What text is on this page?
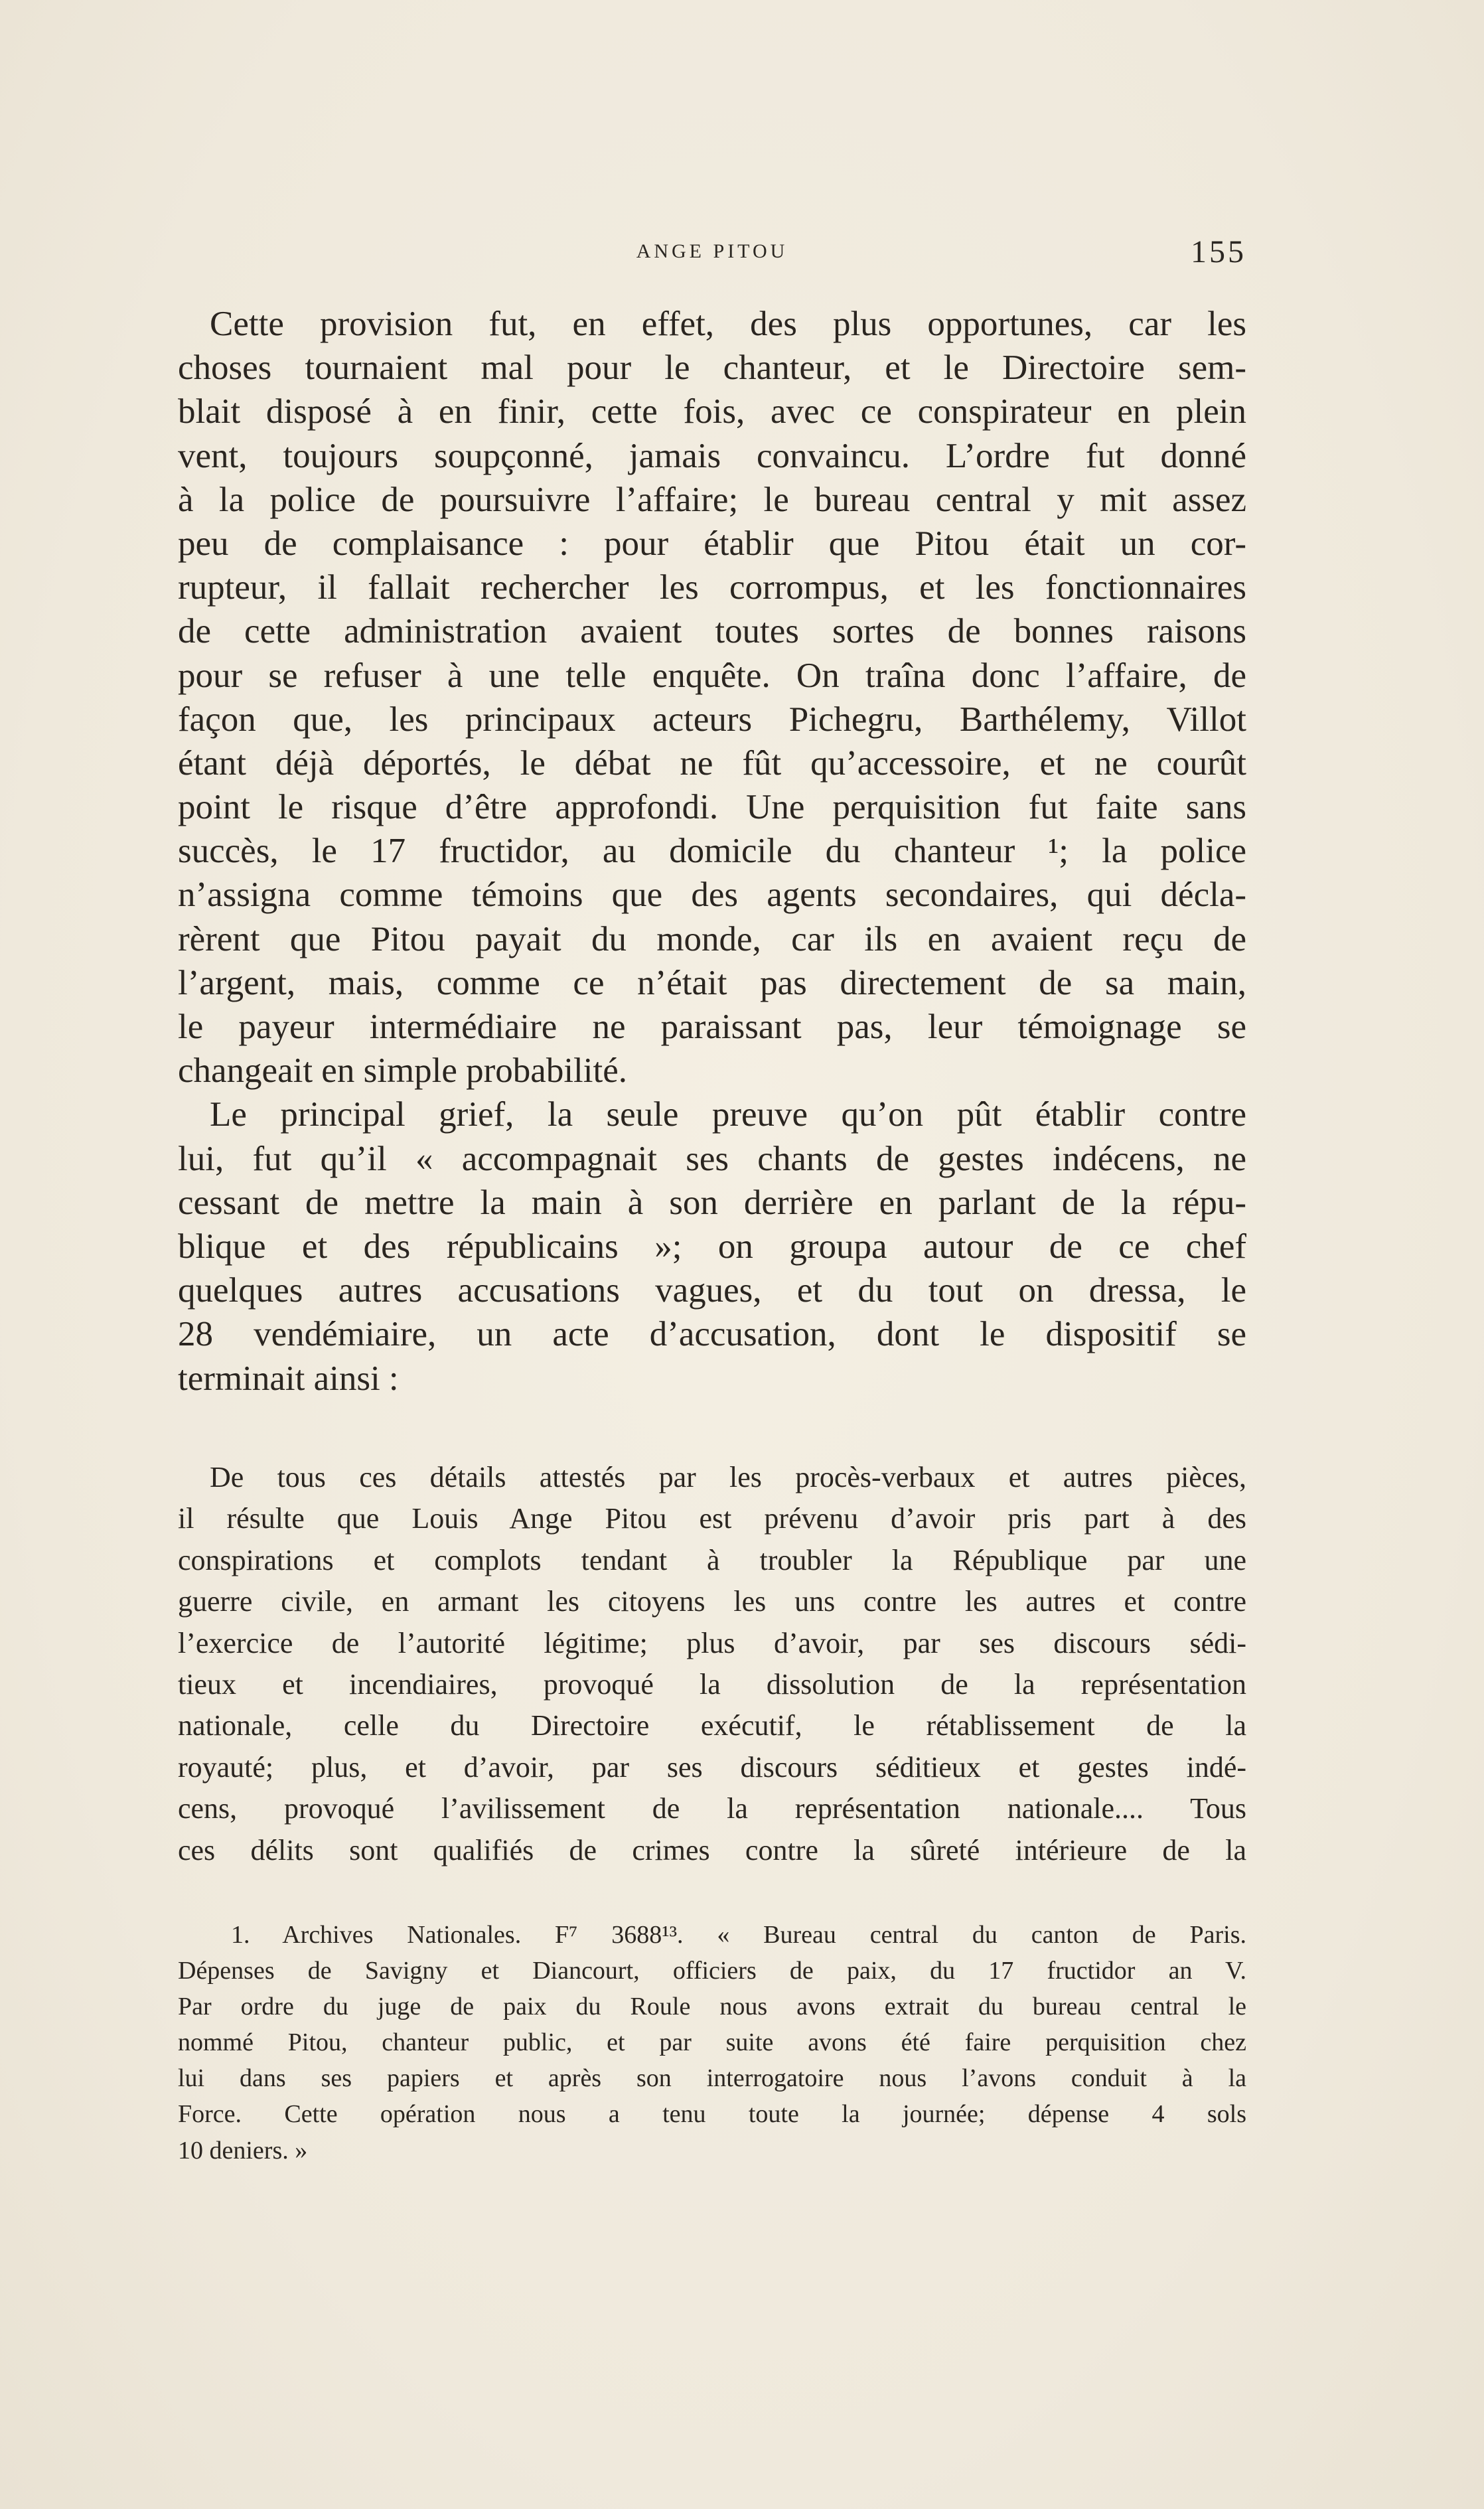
ANGE PITOU	155
Cette provision fut, en effet, des plus opportunes, car les
choses tournaient mal pour le chanteur, et le Directoire sem-
blait disposé à en finir, cette fois, avec ce conspirateur en plein
vent, toujours soupçonné, jamais convaincu. L’ordre fut donné
à la police de poursuivre l’affaire; le bureau central y mit assez
peu de complaisance : pour établir que Pitou était un cor-
rupteur, il fallait rechercher les corrompus, et les fonctionnaires
de cette administration avaient toutes sortes de bonnes raisons
pour se refuser à une telle enquête. On traîna donc l’affaire, de
façon que, les principaux acteurs Pichegru, Barthélemy, Villot
étant déjà déportés, le débat ne fût qu’accessoire, et ne courût
point le risque d’être approfondi. Une perquisition fut faite sans
succès, le 17 fructidor, au domicile du chanteur ¹; la police
n’assigna comme témoins que des agents secondaires, qui décla-
rèrent que Pitou payait du monde, car ils en avaient reçu de
l’argent, mais, comme ce n’était pas directement de sa main,
le payeur intermédiaire ne paraissant pas, leur témoignage se
changeait en simple probabilité.
Le principal grief, la seule preuve qu’on pût établir contre
lui, fut qu’il « accompagnait ses chants de gestes indécens, ne
cessant de mettre la main à son derrière en parlant de la répu-
blique et des républicains »; on groupa autour de ce chef
quelques autres accusations vagues, et du tout on dressa, le
28 vendémiaire, un acte d’accusation, dont le dispositif se
terminait ainsi :
De tous ces détails attestés par les procès-verbaux et autres pièces,
il résulte que Louis Ange Pitou est prévenu d’avoir pris part à des
conspirations et complots tendant à troubler la République par une
guerre civile, en armant les citoyens les uns contre les autres et contre
l’exercice de l’autorité légitime; plus d’avoir, par ses discours sédi-
tieux et incendiaires, provoqué la dissolution de la représentation
nationale, celle du Directoire exécutif, le rétablissement de la
royauté; plus, et d’avoir, par ses discours séditieux et gestes indé-
cens, provoqué l’avilissement de la représentation nationale.... Tous
ces délits sont qualifiés de crimes contre la sûreté intérieure de la
1. Archives Nationales. F⁷ 3688¹³. « Bureau central du canton de Paris.
Dépenses de Savigny et Diancourt, officiers de paix, du 17 fructidor an V.
Par ordre du juge de paix du Roule nous avons extrait du bureau central le
nommé Pitou, chanteur public, et par suite avons été faire perquisition chez
lui dans ses papiers et après son interrogatoire nous l’avons conduit à la
Force. Cette opération nous a tenu toute la journée; dépense 4 sols
10 deniers. »
